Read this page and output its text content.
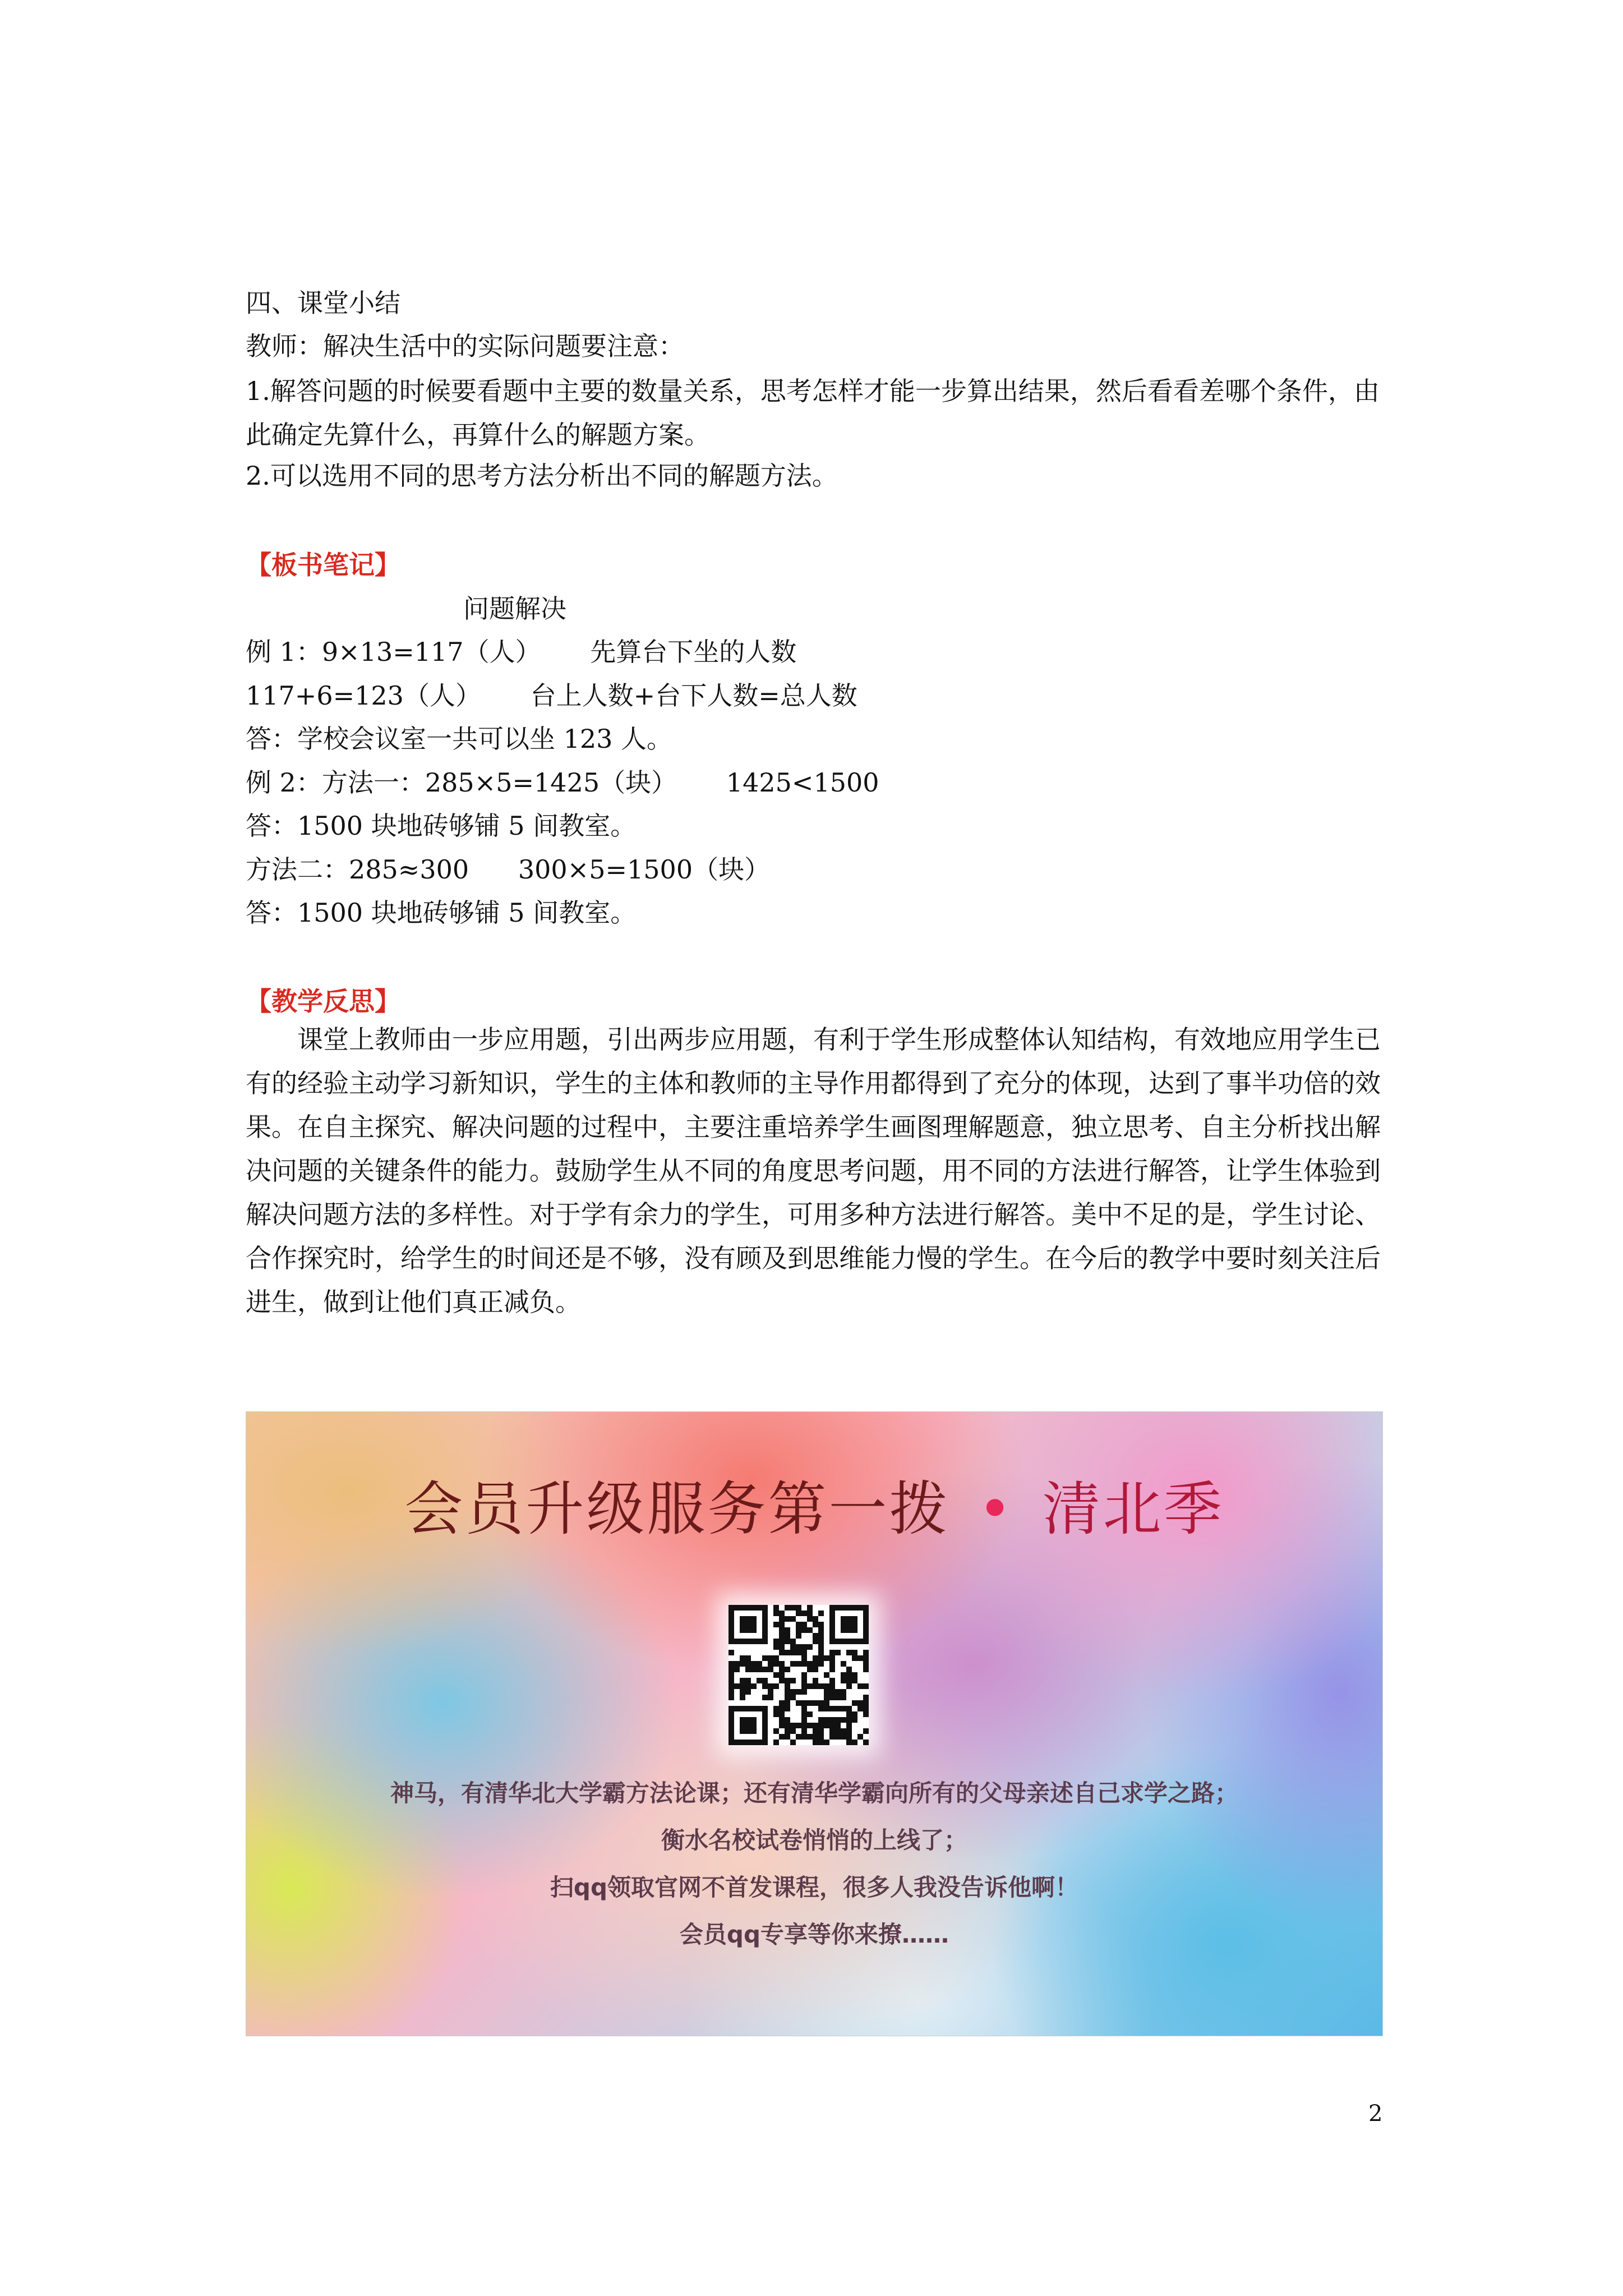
四、课堂小结
教师：解决生活中的实际问题要注意：
1.解答问题的时候要看题中主要的数量关系，思考怎样才能一步算出结果，然后看看差哪个条件，由此确定先算什么，再算什么的解题方案。
2.可以选用不同的思考方法分析出不同的解题方法。
【板书笔记】
问题解决
例 1：9×13=117（人）      先算台下坐的人数
117+6=123（人）      台上人数+台下人数=总人数
答：学校会议室一共可以坐 123 人。
例 2：方法一：285×5=1425（块）      1425<1500
答：1500 块地砖够铺 5 间教室。
方法二：285≈300      300×5=1500（块）
答：1500 块地砖够铺 5 间教室。
【教学反思】
课堂上教师由一步应用题，引出两步应用题，有利于学生形成整体认知结构，有效地应用学生已有的经验主动学习新知识，学生的主体和教师的主导作用都得到了充分的体现，达到了事半功倍的效果。在自主探究、解决问题的过程中，主要注重培养学生画图理解题意，独立思考、自主分析找出解决问题的关键条件的能力。鼓励学生从不同的角度思考问题，用不同的方法进行解答，让学生体验到解决问题方法的多样性。对于学有余力的学生，可用多种方法进行解答。美中不足的是，学生讨论、合作探究时，给学生的时间还是不够，没有顾及到思维能力慢的学生。在今后的教学中要时刻关注后进生，做到让他们真正减负。
会员升级服务第一拨 • 清北季
神马，有清华北大学霸方法论课；还有清华学霸向所有的父母亲述自己求学之路；
衡水名校试卷悄悄的上线了；
扫qq领取官网不首发课程，很多人我没告诉他啊！
会员qq专享等你来撩……
2
